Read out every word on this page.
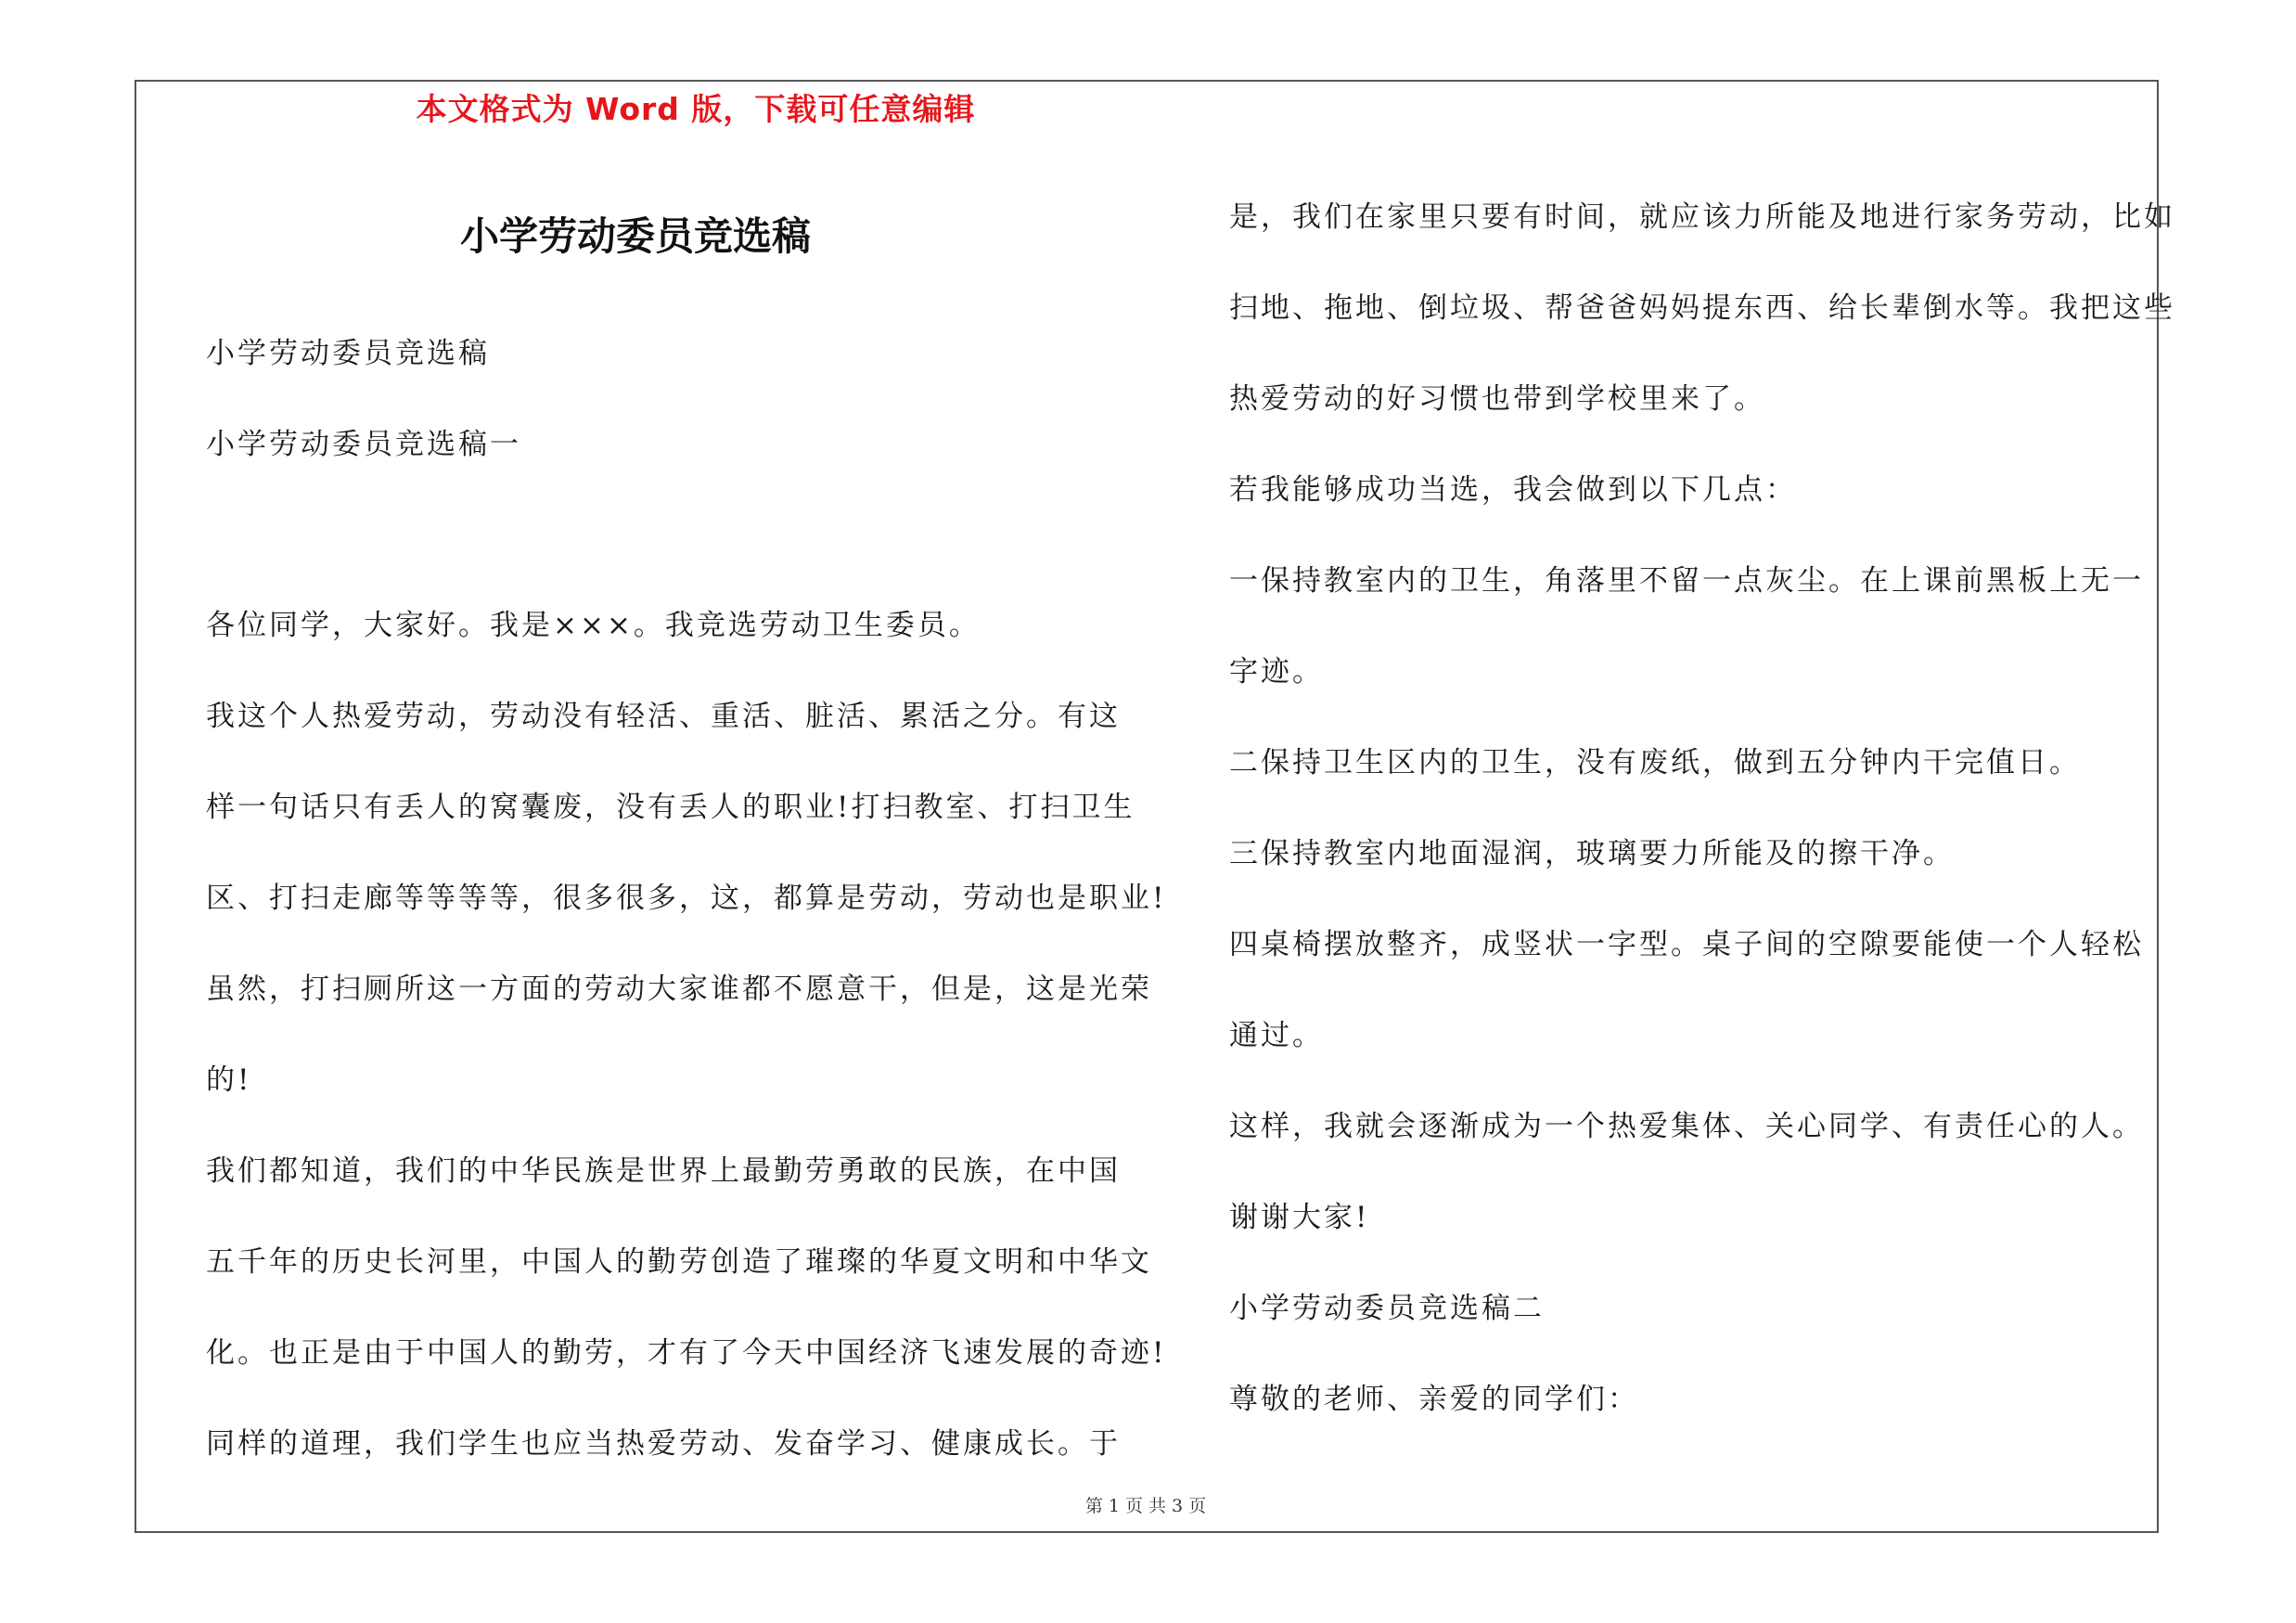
本文格式为 Word 版，下载可任意编辑
小学劳动委员竞选稿
小学劳动委员竞选稿
小学劳动委员竞选稿一
各位同学，大家好。我是×××。我竞选劳动卫生委员。
我这个人热爱劳动，劳动没有轻活、重活、脏活、累活之分。有这
样一句话只有丢人的窝囊废，没有丢人的职业!打扫教室、打扫卫生
区、打扫走廊等等等等，很多很多，这，都算是劳动，劳动也是职业!
虽然，打扫厕所这一方面的劳动大家谁都不愿意干，但是，这是光荣
的!
我们都知道，我们的中华民族是世界上最勤劳勇敢的民族，在中国
五千年的历史长河里，中国人的勤劳创造了璀璨的华夏文明和中华文
化。也正是由于中国人的勤劳，才有了今天中国经济飞速发展的奇迹!
同样的道理，我们学生也应当热爱劳动、发奋学习、健康成长。于
是，我们在家里只要有时间，就应该力所能及地进行家务劳动，比如
扫地、拖地、倒垃圾、帮爸爸妈妈提东西、给长辈倒水等。我把这些
热爱劳动的好习惯也带到学校里来了。
若我能够成功当选，我会做到以下几点：
一保持教室内的卫生，角落里不留一点灰尘。在上课前黑板上无一
字迹。
二保持卫生区内的卫生，没有废纸，做到五分钟内干完值日。
三保持教室内地面湿润，玻璃要力所能及的擦干净。
四桌椅摆放整齐，成竖状一字型。桌子间的空隙要能使一个人轻松
通过。
这样，我就会逐渐成为一个热爱集体、关心同学、有责任心的人。
谢谢大家!
小学劳动委员竞选稿二
尊敬的老师、亲爱的同学们：
第 1 页 共 3 页
